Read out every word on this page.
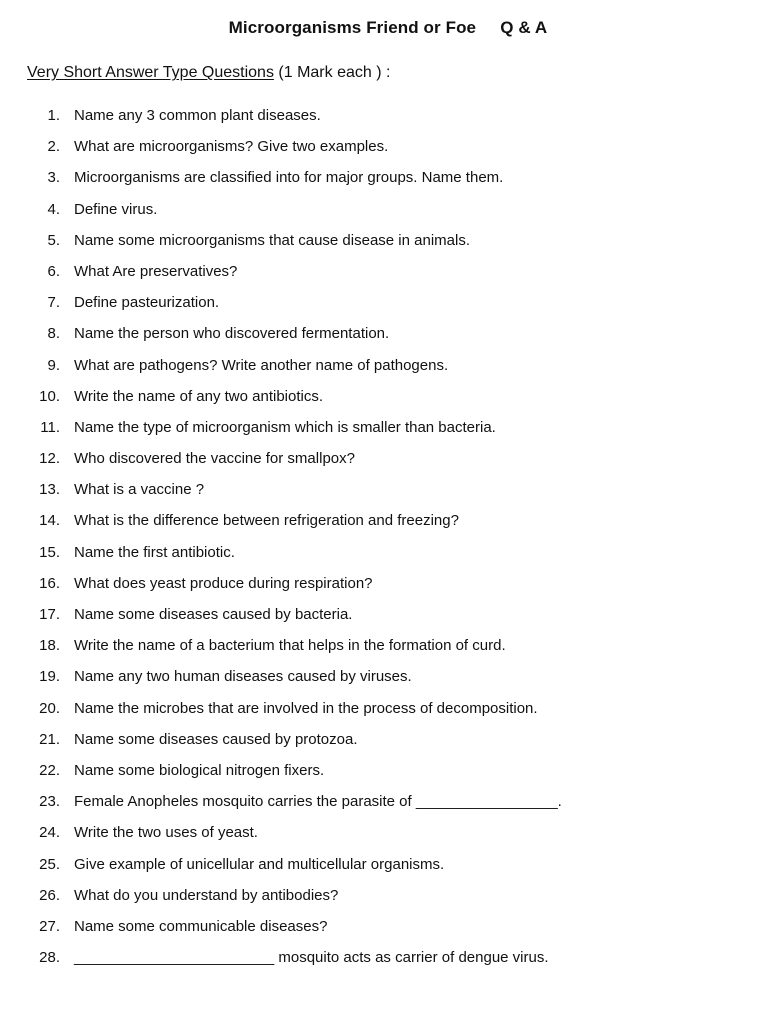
Microorganisms Friend or Foe     Q & A
Very Short Answer Type Questions (1 Mark each ) :
1. Name any 3 common plant diseases.
2. What are microorganisms? Give two examples.
3. Microorganisms are classified into for major groups. Name them.
4. Define virus.
5. Name some microorganisms that cause disease in animals.
6. What Are preservatives?
7. Define pasteurization.
8. Name the person who discovered fermentation.
9. What are pathogens? Write another name of pathogens.
10. Write the name of any two antibiotics.
11. Name the type of microorganism which is smaller than bacteria.
12. Who discovered the vaccine for smallpox?
13. What is a vaccine ?
14. What is the difference between refrigeration and freezing?
15. Name the first antibiotic.
16. What does yeast produce during respiration?
17. Name some diseases caused by bacteria.
18. Write the name of a bacterium that helps in the formation of curd.
19. Name any two human diseases caused by viruses.
20. Name the microbes that are involved in the process of decomposition.
21. Name some diseases caused by protozoa.
22. Name some biological nitrogen fixers.
23. Female Anopheles mosquito carries the parasite of _________________.
24. Write the two uses of yeast.
25. Give example of unicellular and multicellular organisms.
26. What do you understand by antibodies?
27. Name some communicable diseases?
28. ________________________ mosquito acts as carrier of dengue virus.
